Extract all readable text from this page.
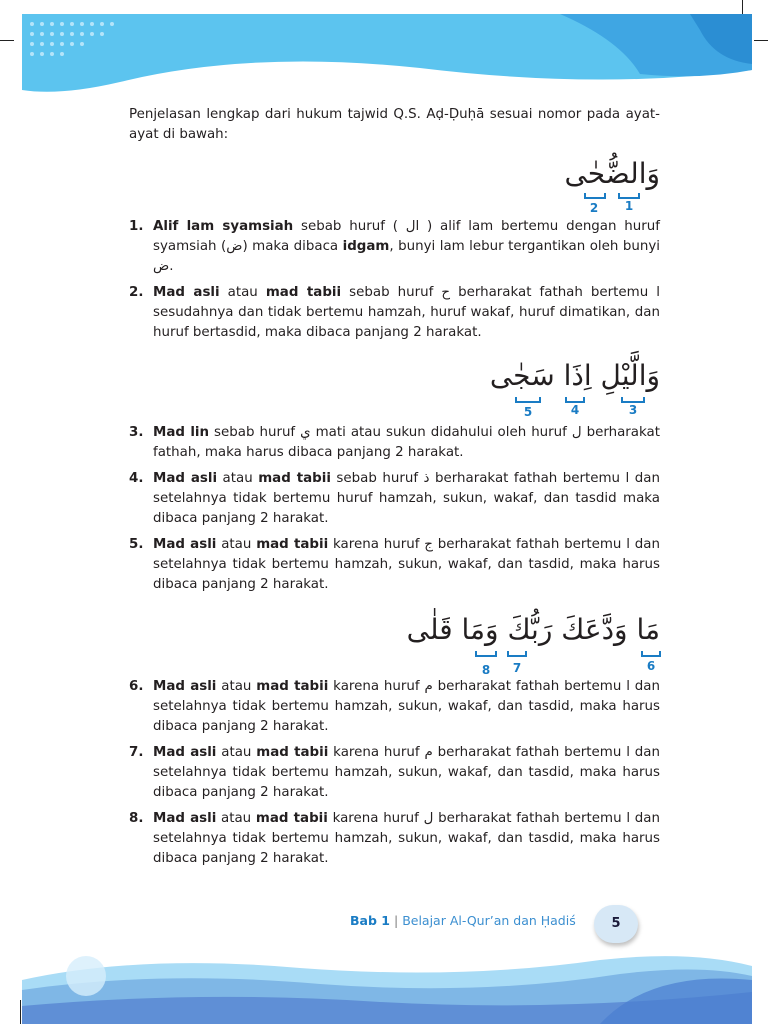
Penjelasan lengkap dari hukum tajwid Q.S. Aḍ-Ḍuḥā sesuai nomor pada ayat-ayat di bawah:

وَالضُّحٰى
1
2
1. Alif lam syamsiah sebab huruf ( ال ) alif lam bertemu dengan huruf syamsiah (ض) maka dibaca idgam, bunyi lam lebur tergantikan oleh bunyi ض.
2. Mad asli atau mad tabii sebab huruf ح berharakat fathah bertemu ا sesudahnya dan tidak bertemu hamzah, huruf wakaf, huruf dimatikan, dan huruf bertasdid, maka dibaca panjang 2 harakat.
وَالَّيْلِ اِذَا سَجٰى
3
4
5
3. Mad lin sebab huruf ي mati atau sukun didahului oleh huruf ل berharakat fathah, maka harus dibaca panjang 2 harakat.
4. Mad asli atau mad tabii sebab huruf ذ berharakat fathah bertemu ا dan setelahnya tidak bertemu huruf hamzah, sukun, wakaf, dan tasdid maka dibaca panjang 2 harakat.
5. Mad asli atau mad tabii karena huruf ج berharakat fathah bertemu ا dan setelahnya tidak bertemu hamzah, sukun, wakaf, dan tasdid, maka harus dibaca panjang 2 harakat.
مَا وَدَّعَكَ رَبُّكَ وَمَا قَلٰى
6
7
8
6. Mad asli atau mad tabii karena huruf م berharakat fathah bertemu ا dan setelahnya tidak bertemu hamzah, sukun, wakaf, dan tasdid, maka harus dibaca panjang 2 harakat.
7. Mad asli atau mad tabii karena huruf م berharakat fathah bertemu ا dan setelahnya tidak bertemu hamzah, sukun, wakaf, dan tasdid, maka harus dibaca panjang 2 harakat.
8. Mad asli atau mad tabii karena huruf ل berharakat fathah bertemu ا dan setelahnya tidak bertemu hamzah, sukun, wakaf, dan tasdid, maka harus dibaca panjang 2 harakat.
Bab 1 | Belajar Al-Qur’an dan Ḥadiś	5
